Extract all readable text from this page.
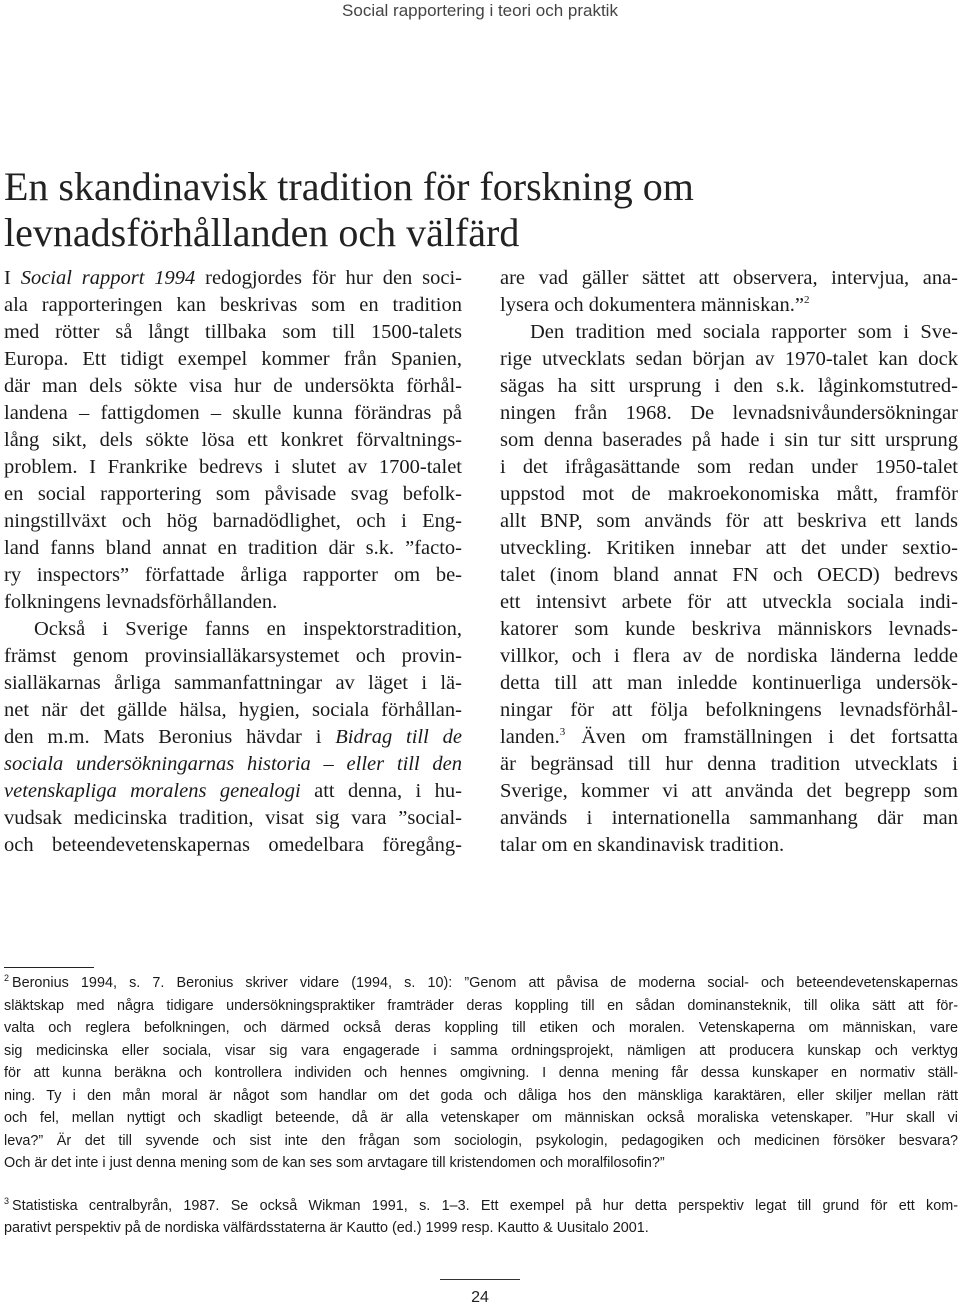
Social rapportering i teori och praktik
En skandinavisk tradition för forskning om
levnadsförhållanden och välfärd
I Social rapport 1994 redogjordes för hur den soci-
ala rapporteringen kan beskrivas som en tradition
med rötter så långt tillbaka som till 1500-talets
Europa. Ett tidigt exempel kommer från Spanien,
där man dels sökte visa hur de undersökta förhål-
landena – fattigdomen – skulle kunna förändras på
lång sikt, dels sökte lösa ett konkret förvaltnings-
problem. I Frankrike bedrevs i slutet av 1700-talet
en social rapportering som påvisade svag befolk-
ningstillväxt och hög barnadödlighet, och i Eng-
land fanns bland annat en tradition där s.k. ”facto-
ry inspectors” författade årliga rapporter om be-
folkningens levnadsförhållanden.
Också i Sverige fanns en inspektorstradition,
främst genom provinsialläkarsystemet och provin-
sialläkarnas årliga sammanfattningar av läget i lä-
net när det gällde hälsa, hygien, sociala förhållan-
den m.m. Mats Beronius hävdar i Bidrag till de
sociala undersökningarnas historia – eller till den
vetenskapliga moralens genealogi att denna, i hu-
vudsak medicinska tradition, visat sig vara ”social-
och beteendevetenskapernas omedelbara föregång-
are vad gäller sättet att observera, intervjua, ana-
lysera och dokumentera människan.”$^2$
Den tradition med sociala rapporter som i Sve-
rige utvecklats sedan början av 1970-talet kan dock
sägas ha sitt ursprung i den s.k. låginkomstutred-
ningen från 1968. De levnadsnivåundersökningar
som denna baserades på hade i sin tur sitt ursprung
i det ifrågasättande som redan under 1950-talet
uppstod mot de makroekonomiska mått, framför
allt BNP, som används för att beskriva ett lands
utveckling. Kritiken innebar att det under sextio-
talet (inom bland annat FN och OECD) bedrevs
ett intensivt arbete för att utveckla sociala indi-
katorer som kunde beskriva människors levnads-
villkor, och i flera av de nordiska länderna ledde
detta till att man inledde kontinuerliga undersök-
ningar för att följa befolkningens levnadsförhål-
landen.$^3$ Även om framställningen i det fortsatta
är begränsad till hur denna tradition utvecklats i
Sverige, kommer vi att använda det begrepp som
används i internationella sammanhang där man
talar om en skandinavisk tradition.
$^2$ Beronius 1994, s. 7. Beronius skriver vidare (1994, s. 10): ”Genom att påvisa de moderna social- och beteendevetenskapernas
släktskap med några tidigare undersökningspraktiker framträder deras koppling till en sådan dominansteknik, till olika sätt att för-
valta och reglera befolkningen, och därmed också deras koppling till etiken och moralen. Vetenskaperna om människan, vare
sig medicinska eller sociala, visar sig vara engagerade i samma ordningsprojekt, nämligen att producera kunskap och verktyg
för att kunna beräkna och kontrollera individen och hennes omgivning. I denna mening får dessa kunskaper en normativ ställ-
ning. Ty i den mån moral är något som handlar om det goda och dåliga hos den mänskliga karaktären, eller skiljer mellan rätt
och fel, mellan nyttigt och skadligt beteende, då är alla vetenskaper om människan också moraliska vetenskaper. ”Hur skall vi
leva?” Är det till syvende och sist inte den frågan som sociologin, psykologin, pedagogiken och medicinen försöker besvara?
Och är det inte i just denna mening som de kan ses som arvtagare till kristendomen och moralfilosofin?”
$^3$ Statistiska centralbyrån, 1987. Se också Wikman 1991, s. 1–3. Ett exempel på hur detta perspektiv legat till grund för ett kom-
parativt perspektiv på de nordiska välfärdsstaterna är Kautto (ed.) 1999 resp. Kautto & Uusitalo 2001.
24
